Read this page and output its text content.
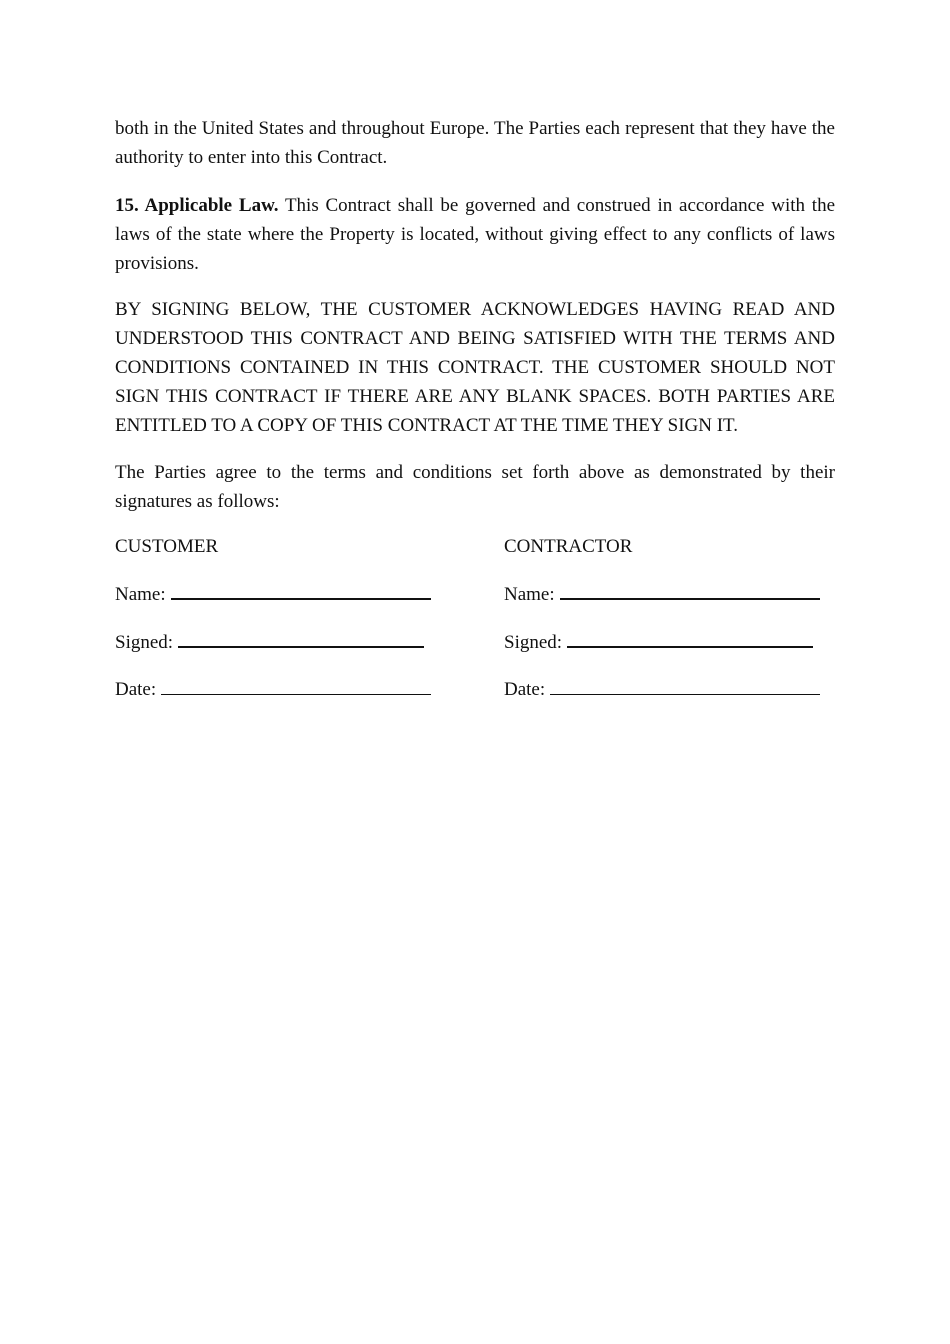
both in the United States and throughout Europe. The Parties each represent that they have the authority to enter into this Contract.

15. Applicable Law. This Contract shall be governed and construed in accordance with the laws of the state where the Property is located, without giving effect to any conflicts of laws provisions.

BY SIGNING BELOW, THE CUSTOMER ACKNOWLEDGES HAVING READ AND UNDERSTOOD THIS CONTRACT AND BEING SATISFIED WITH THE TERMS AND CONDITIONS CONTAINED IN THIS CONTRACT. THE CUSTOMER SHOULD NOT SIGN THIS CONTRACT IF THERE ARE ANY BLANK SPACES. BOTH PARTIES ARE ENTITLED TO A COPY OF THIS CONTRACT AT THE TIME THEY SIGN IT.

The Parties agree to the terms and conditions set forth above as demonstrated by their signatures as follows:

CUSTOMER
Name:
Signed:
Date:
CONTRACTOR
Name:
Signed:
Date:
